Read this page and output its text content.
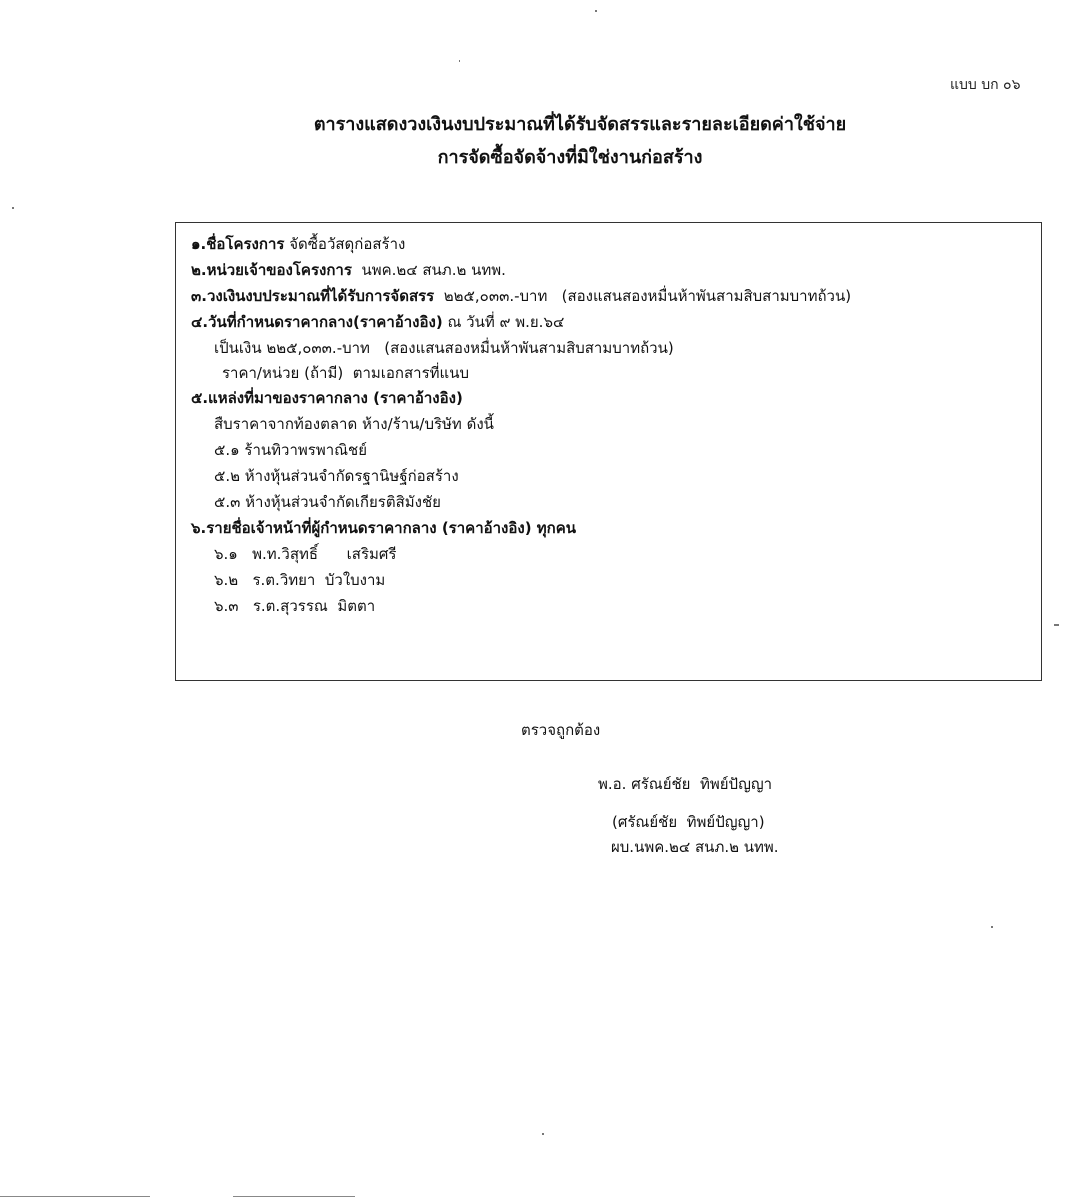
แบบ บก ๐๖
ตารางแสดงวงเงินงบประมาณที่ได้รับจัดสรรและรายละเอียดค่าใช้จ่าย
การจัดซื้อจัดจ้างที่มิใช่งานก่อสร้าง
๑.ชื่อโครงการ จัดซื้อวัสดุก่อสร้าง
๒.หน่วยเจ้าของโครงการ  นพค.๒๔ สนภ.๒ นทพ.
๓.วงเงินงบประมาณที่ได้รับการจัดสรร  ๒๒๕,๐๓๓.-บาท   (สองแสนสองหมื่นห้าพันสามสิบสามบาทถ้วน)
๔.วันที่กำหนดราคากลาง(ราคาอ้างอิง) ณ วันที่ ๙ พ.ย.๖๔
เป็นเงิน ๒๒๕,๐๓๓.-บาท   (สองแสนสองหมื่นห้าพันสามสิบสามบาทถ้วน)
ราคา/หน่วย (ถ้ามี)  ตามเอกสารที่แนบ
๕.แหล่งที่มาของราคากลาง (ราคาอ้างอิง)
สืบราคาจากท้องตลาด ห้าง/ร้าน/บริษัท ดังนี้
๕.๑ ร้านทิวาพรพาณิชย์
๕.๒ ห้างหุ้นส่วนจำกัดรฐานิษฐ์ก่อสร้าง
๕.๓ ห้างหุ้นส่วนจำกัดเกียรติสิมังชัย
๖.รายชื่อเจ้าหน้าที่ผู้กำหนดราคากลาง (ราคาอ้างอิง) ทุกคน
๖.๑   พ.ท.วิสุทธิ์      เสริมศรี
๖.๒   ร.ต.วิทยา  บัวใบงาม
๖.๓   ร.ต.สุวรรณ  มิตตา
ตรวจถูกต้อง
พ.อ. ศรัณย์ชัย  ทิพย์ปัญญา
(ศรัณย์ชัย  ทิพย์ปัญญา)
ผบ.นพค.๒๔ สนภ.๒ นทพ.
